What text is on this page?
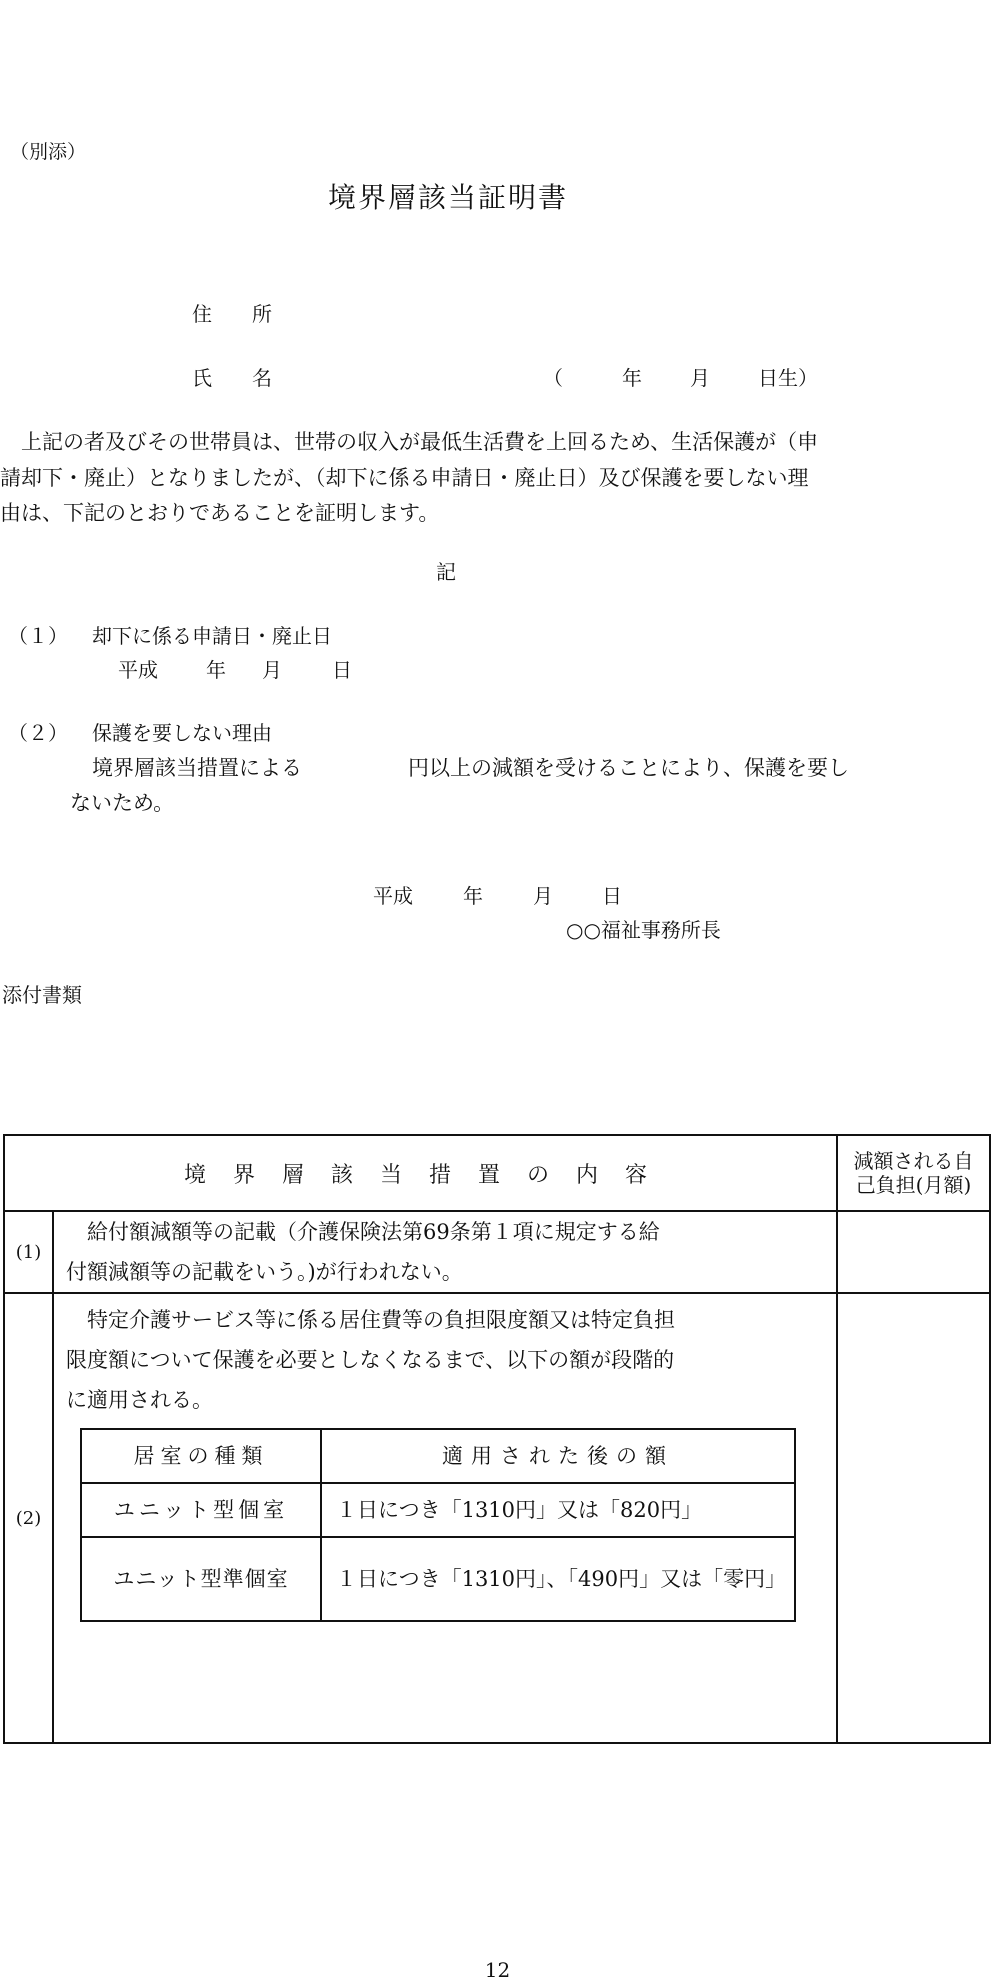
（別添）
境界層該当証明書
住　　所
氏　　名	（	年 月 日生）
　上記の者及びその世帯員は、世帯の収入が最低生活費を上回るため、生活保護が（申
請却下・廃止）となりましたが、（却下に係る申請日・廃止日）及び保護を要しない理
由は、下記のとおりであることを証明します。
記
（１） 却下に係る申請日・廃止日
平成 年 月	日
（２） 保護を要しない理由
境界層該当措置による	円以上の減額を受けることにより、保護を要し
ないため。
平成	年	月 日
○○福祉事務所長
添付書類
境 界 層 該 当 措 置 の 内 容	
減額される自
己負担(月額)

(1)	
　給付額減額等の記載（介護保険法第69条第１項に規定する給
付額減額等の記載をいう。)が行われない。

(2)	
　特定介護サービス等に係る居住費等の負担限度額又は特定負担
限度額について保護を必要としなくなるまで、以下の額が段階的
に適用される。
居室の種類	適用された後の額
ユニット型個室	１日につき「1310円」又は「820円」
ユニット型準個室	１日につき「1310円」、「490円」又は「零円」

12
